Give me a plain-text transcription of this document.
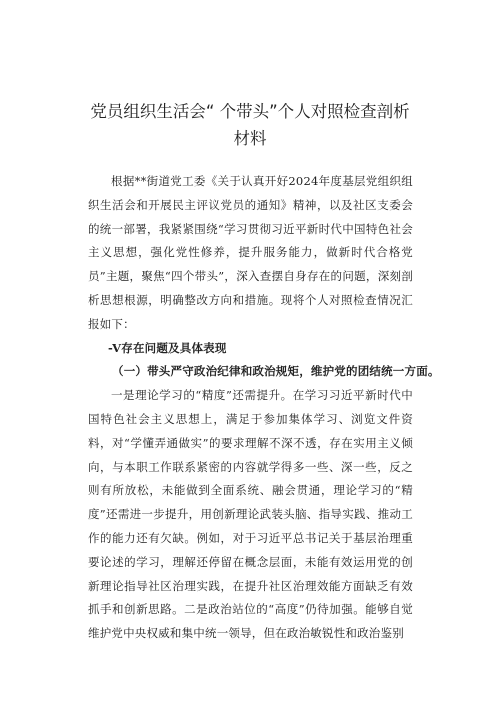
党员组织生活会“ 个带头”个人对照检查剖析
材料

根据**街道党工委《关于认真开好2024年度基层党组织组织生活会和开展民主评议党员的通知》精神，以及社区支委会的统一部署，我紧紧围绕“学习贯彻习近平新时代中国特色社会主义思想，强化党性修养，提升服务能力，做新时代合格党员”主题，聚焦“四个带头”，深入查摆自身存在的问题，深刻剖析思想根源，明确整改方向和措施。现将个人对照检查情况汇报如下：

-V存在问题及具体表现

（一）带头严守政治纪律和政治规矩，维护党的团结统一方面。

一是理论学习的“精度”还需提升。在学习习近平新时代中国特色社会主义思想上，满足于参加集体学习、浏览文件资料，对“学懂弄通做实”的要求理解不深不透，存在实用主义倾向，与本职工作联系紧密的内容就学得多一些、深一些，反之则有所放松，未能做到全面系统、融会贯通，理论学习的“精度”还需进一步提升，用创新理论武装头脑、指导实践、推动工作的能力还有欠缺。例如，对于习近平总书记关于基层治理重要论述的学习，理解还停留在概念层面，未能有效运用党的创新理论指导社区治理实践，在提升社区治理效能方面缺乏有效抓手和创新思路。二是政治站位的“高度”仍待加强。能够自觉维护党中央权威和集中统一领导，但在政治敏锐性和政治鉴别
